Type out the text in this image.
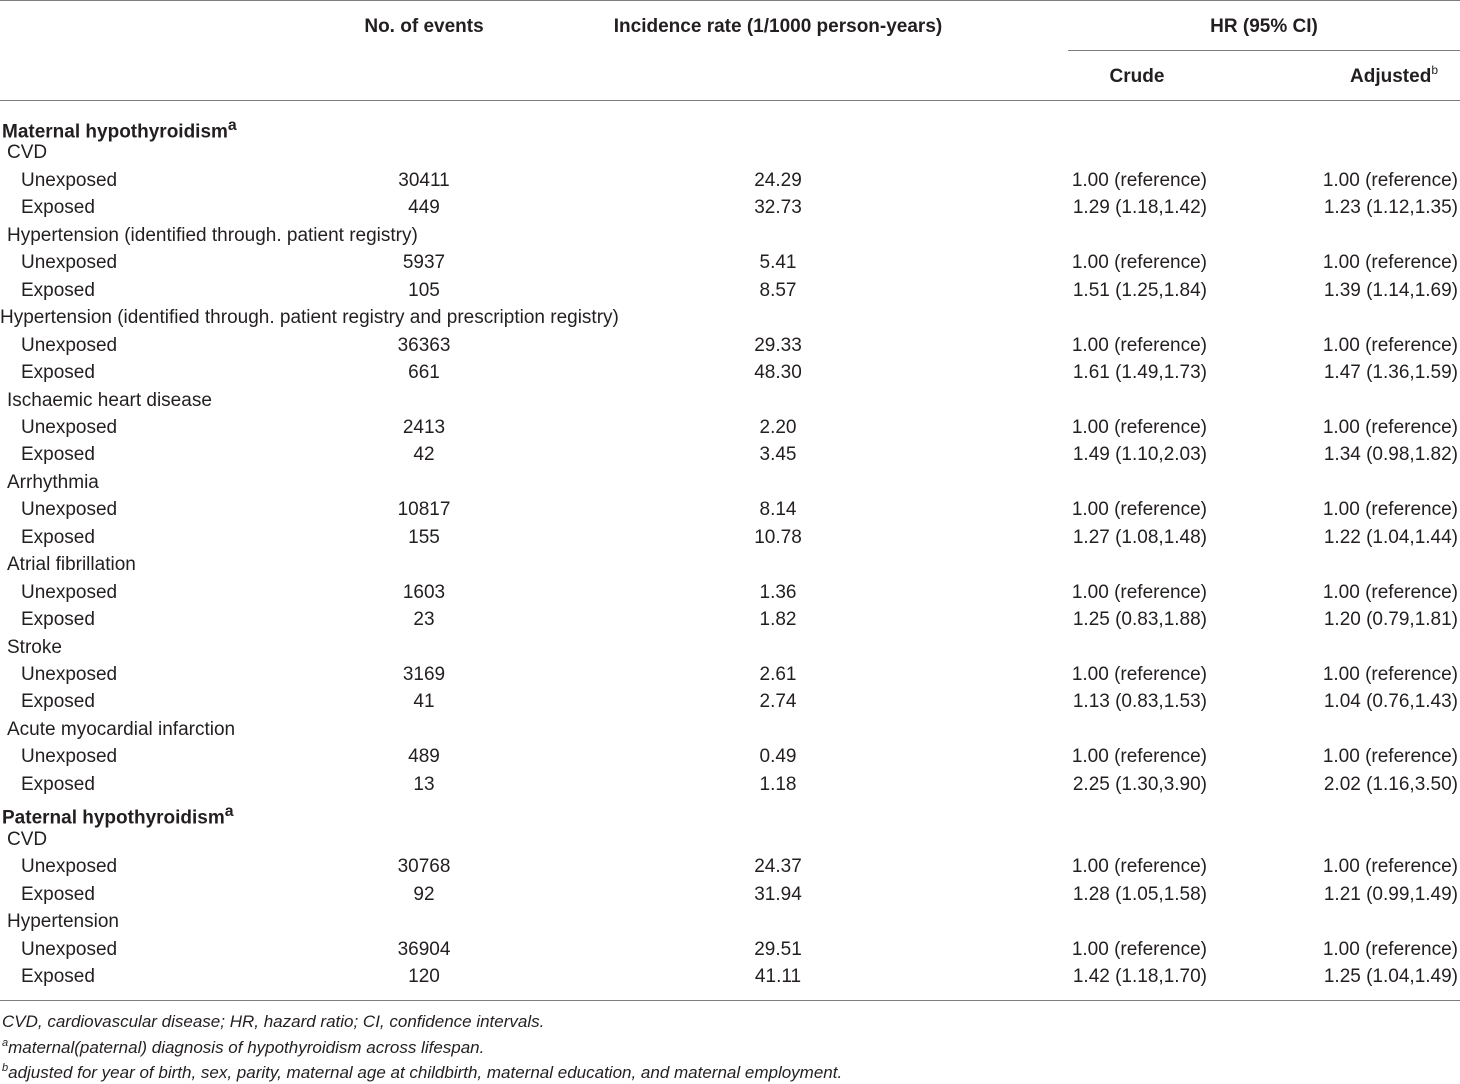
No. of events	Incidence rate (1/1000 person-years)	HR (95% CI)
Crude	Adjusted$^b$
Maternal hypothyroidism$^a$
CVD
Unexposed	30411	24.29	1.00 (reference)	1.00 (reference)
Exposed	449	32.73	1.29 (1.18,1.42)	1.23 (1.12,1.35)
Hypertension (identified through. patient registry)
Unexposed	5937	5.41	1.00 (reference)	1.00 (reference)
Exposed	105	8.57	1.51 (1.25,1.84)	1.39 (1.14,1.69)
Hypertension (identified through. patient registry and prescription registry)
Unexposed	36363	29.33	1.00 (reference)	1.00 (reference)
Exposed	661	48.30	1.61 (1.49,1.73)	1.47 (1.36,1.59)
Ischaemic heart disease
Unexposed	2413	2.20	1.00 (reference)	1.00 (reference)
Exposed	42	3.45	1.49 (1.10,2.03)	1.34 (0.98,1.82)
Arrhythmia
Unexposed	10817	8.14	1.00 (reference)	1.00 (reference)
Exposed	155	10.78	1.27 (1.08,1.48)	1.22 (1.04,1.44)
Atrial fibrillation
Unexposed	1603	1.36	1.00 (reference)	1.00 (reference)
Exposed	23	1.82	1.25 (0.83,1.88)	1.20 (0.79,1.81)
Stroke
Unexposed	3169	2.61	1.00 (reference)	1.00 (reference)
Exposed	41	2.74	1.13 (0.83,1.53)	1.04 (0.76,1.43)
Acute myocardial infarction
Unexposed	489	0.49	1.00 (reference)	1.00 (reference)
Exposed	13	1.18	2.25 (1.30,3.90)	2.02 (1.16,3.50)
Paternal hypothyroidism$^a$
CVD
Unexposed	30768	24.37	1.00 (reference)	1.00 (reference)
Exposed	92	31.94	1.28 (1.05,1.58)	1.21 (0.99,1.49)
Hypertension
Unexposed	36904	29.51	1.00 (reference)	1.00 (reference)
Exposed	120	41.11	1.42 (1.18,1.70)	1.25 (1.04,1.49)
CVD, cardiovascular disease; HR, hazard ratio; CI, confidence intervals.
$^a$maternal(paternal) diagnosis of hypothyroidism across lifespan.
$^b$adjusted for year of birth, sex, parity, maternal age at childbirth, maternal education, and maternal employment.
